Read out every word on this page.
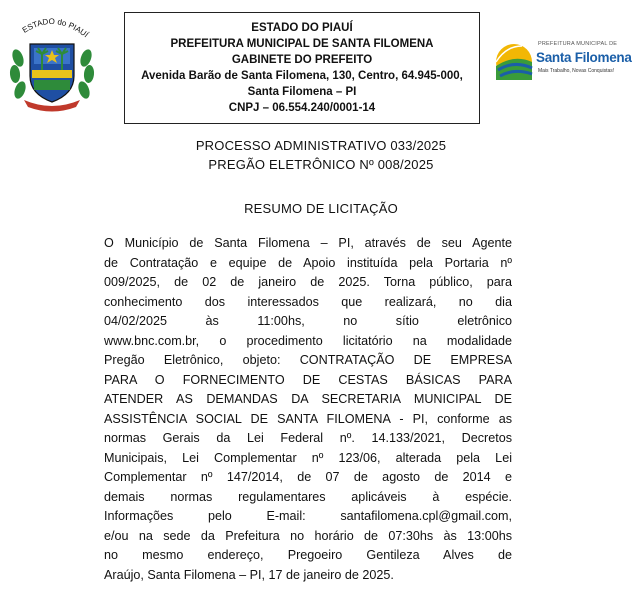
ESTADO do PIAUÍ
ESTADO DO PIAUÍ
PREFEITURA MUNICIPAL DE SANTA FILOMENA
GABINETE DO PREFEITO
Avenida Barão de Santa Filomena, 130, Centro, 64.945-000,
Santa Filomena – PI
CNPJ – 06.554.240/0001-14
PREFEITURA MUNICIPAL DE
Santa Filomena
Mais Trabalho, Novas Conquistas!
PROCESSO ADMINISTRATIVO 033/2025
PREGÃO ELETRÔNICO Nº 008/2025
RESUMO DE LICITAÇÃO
O Município de Santa Filomena – PI, através de seu Agente
de Contratação e equipe de Apoio instituída pela Portaria nº
009/2025, de 02 de janeiro de 2025. Torna público, para
conhecimento dos interessados que realizará, no dia
04/02/2025 às 11:00hs, no sítio eletrônico
www.bnc.com.br, o procedimento licitatório na modalidade
Pregão Eletrônico, objeto: CONTRATAÇÃO DE EMPRESA
PARA O FORNECIMENTO DE CESTAS BÁSICAS PARA
ATENDER AS DEMANDAS DA SECRETARIA MUNICIPAL DE
ASSISTÊNCIA SOCIAL DE SANTA FILOMENA - PI, conforme as
normas Gerais da Lei Federal nº. 14.133/2021, Decretos
Municipais, Lei Complementar nº 123/06, alterada pela Lei
Complementar nº 147/2014, de 07 de agosto de 2014 e
demais normas regulamentares aplicáveis à espécie.
Informações pelo E-mail: santafilomena.cpl@gmail.com,
e/ou na sede da Prefeitura no horário de 07:30hs às 13:00hs
no mesmo endereço, Pregoeiro Gentileza Alves de
Araújo, Santa Filomena – PI, 17 de janeiro de 2025.
